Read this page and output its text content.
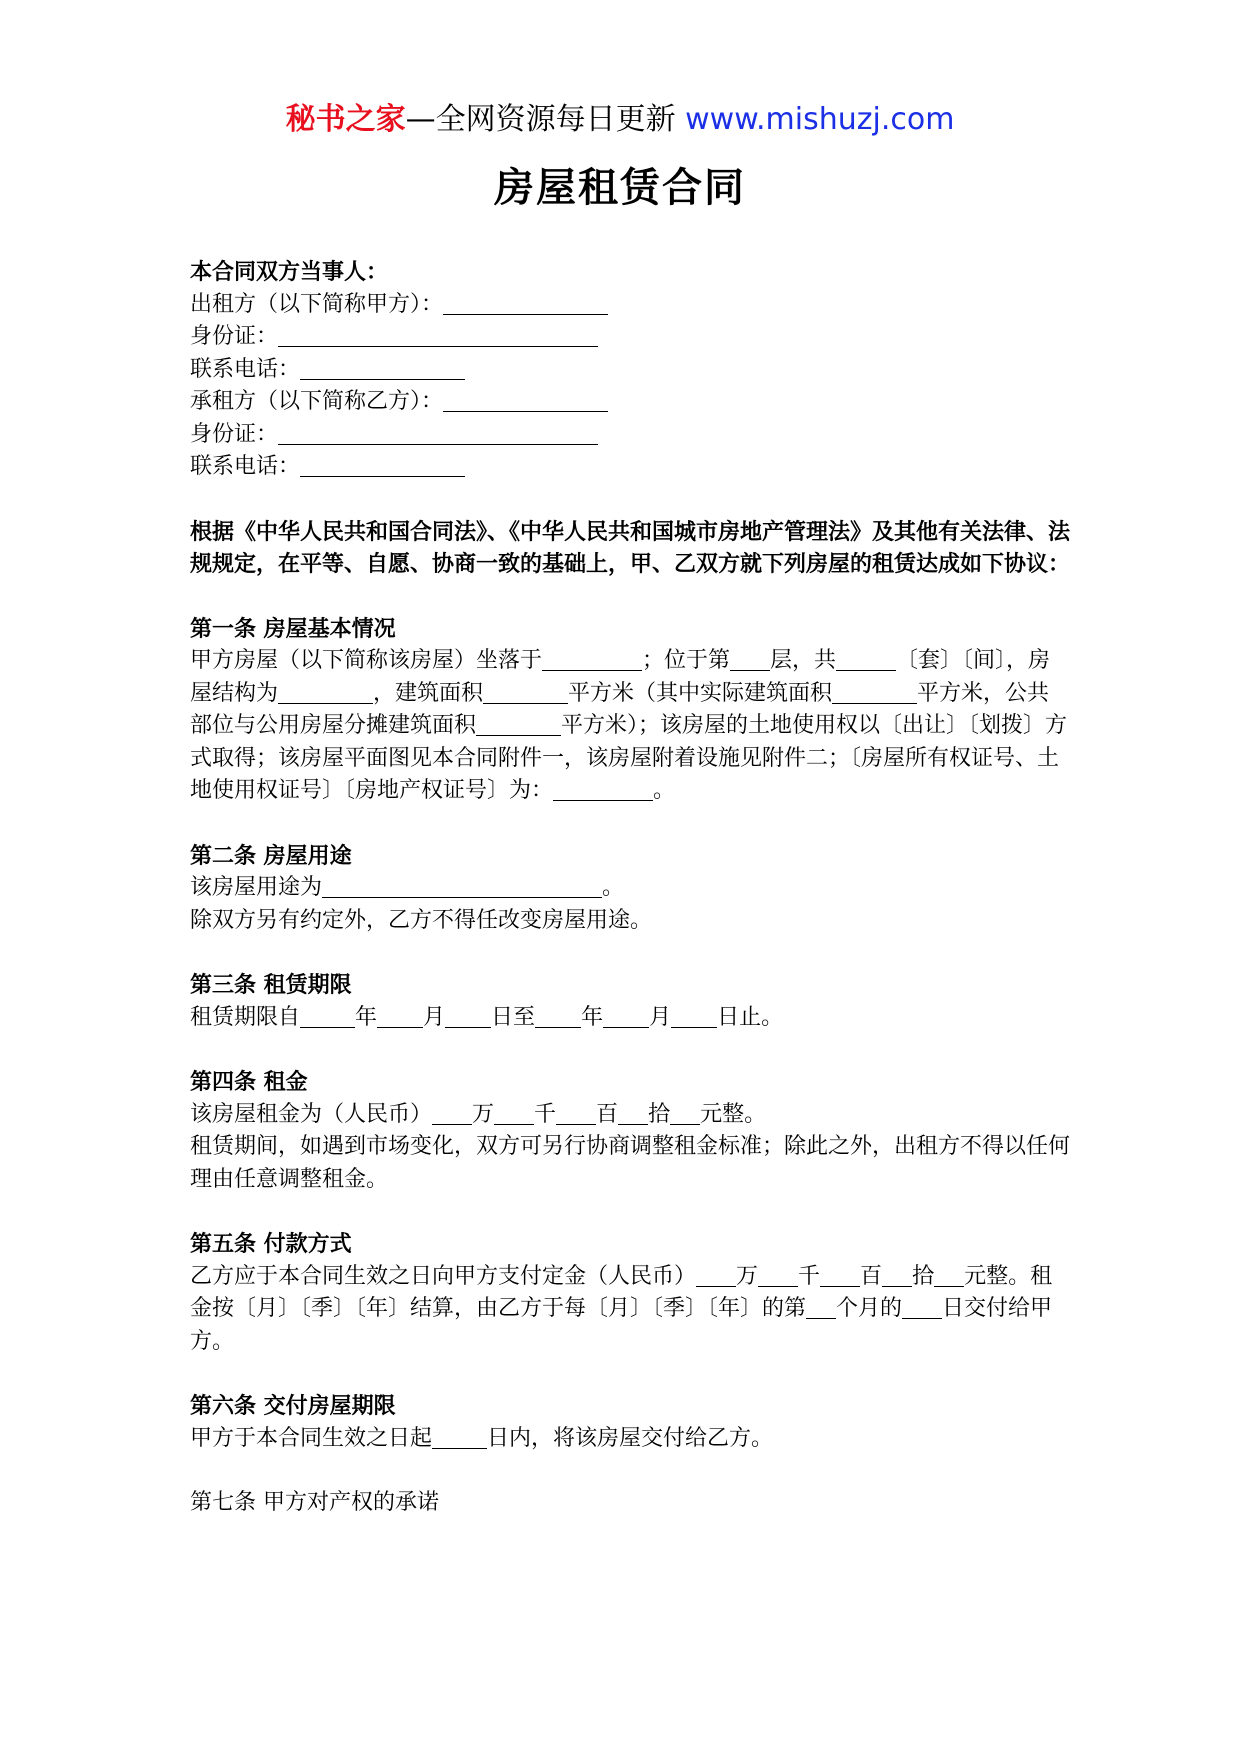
秘书之家—全网资源每日更新 www.mishuzj.com
房屋租赁合同

本合同双方当事人：

出租方（以下简称甲方）：

身份证：

联系电话：

承租方（以下简称乙方）：

身份证：

联系电话：

根据《中华人民共和国合同法》、《中华人民共和国城市房地产管理法》及其他有关法律、法规规定，在平等、自愿、协商一致的基础上，甲、乙双方就下列房屋的租赁达成如下协议：

第一条 房屋基本情况

甲方房屋（以下简称该房屋）坐落于	；位于第 层，共	〔套〕〔间〕，房屋结构为	，建筑面积	平方米（其中实际建筑面积	平方米，公共部位与公用房屋分摊建筑面积	平方米）；该房屋的土地使用权以〔出让〕〔划拨〕方式取得；该房屋平面图见本合同附件一，该房屋附着设施见附件二；〔房屋所有权证号、土地使用权证号〕〔房地产权证号〕为：	。

第二条 房屋用途

该房屋用途为	。

除双方另有约定外，乙方不得任改变房屋用途。

第三条 租赁期限

租赁期限自	年 月 日至 年 月 日止。

第四条 租金

该房屋租金为（人民币） 万 千 百 拾 元整。

租赁期间，如遇到市场变化，双方可另行协商调整租金标准；除此之外，出租方不得以任何理由任意调整租金。

第五条 付款方式

乙方应于本合同生效之日向甲方支付定金（人民币） 万 千 百 拾 元整。租金按〔月〕〔季〕〔年〕结算，由乙方于每〔月〕〔季〕〔年〕的第 个月的 日交付给甲方。

第六条 交付房屋期限

甲方于本合同生效之日起	日内，将该房屋交付给乙方。

第七条 甲方对产权的承诺
